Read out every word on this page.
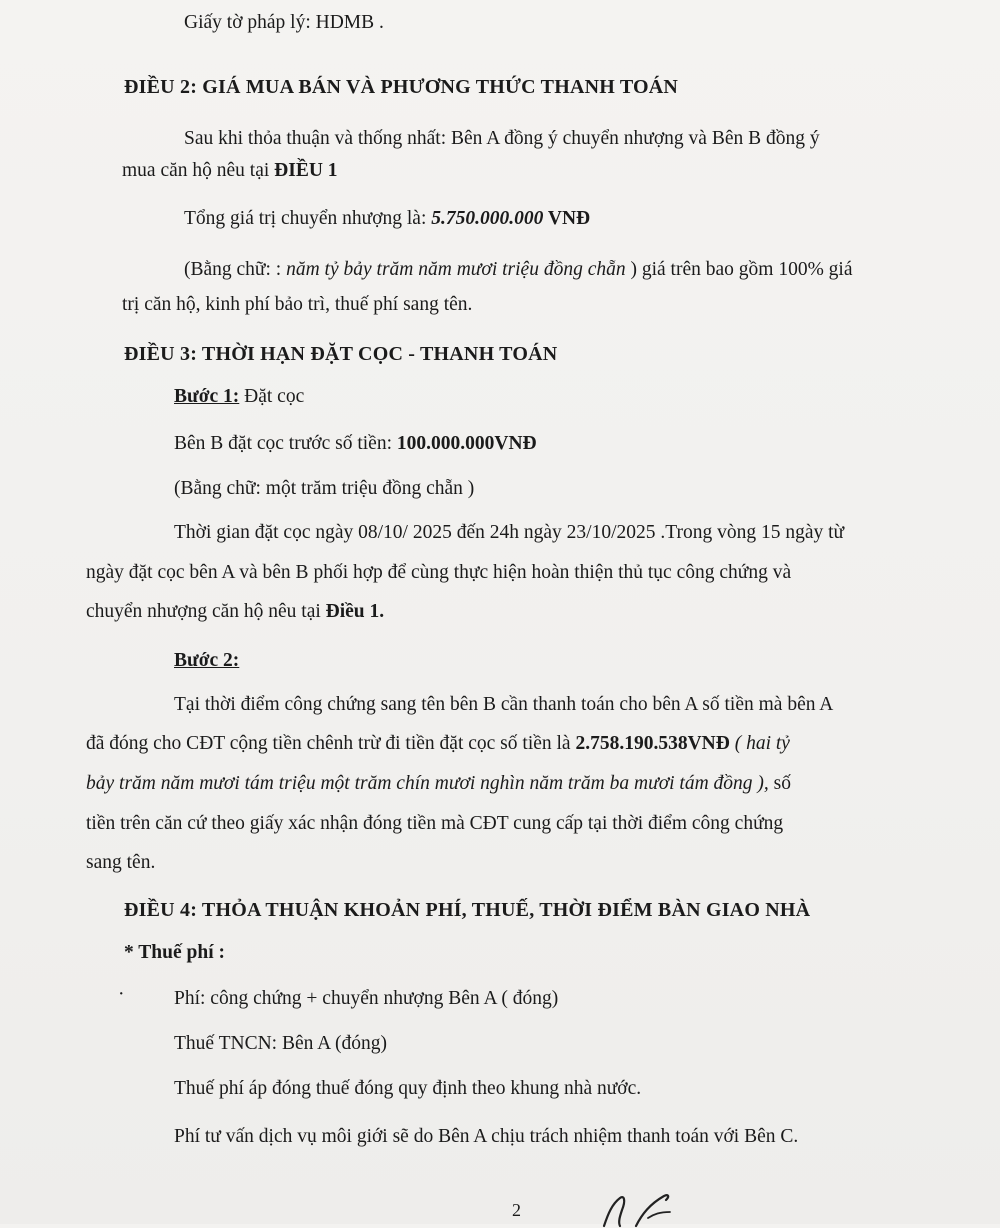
Giấy tờ pháp lý: HDMB .
ĐIỀU 2: GIÁ MUA BÁN VÀ PHƯƠNG THỨC THANH TOÁN
Sau khi thỏa thuận và thống nhất: Bên A đồng ý chuyển nhượng và Bên B đồng ý
mua căn hộ nêu tại ĐIỀU 1
Tổng giá trị chuyển nhượng là: 5.750.000.000 VNĐ
(Bằng chữ: : năm tỷ bảy trăm năm mươi triệu đồng chẵn ) giá trên bao gồm 100% giá
trị căn hộ, kinh phí bảo trì, thuế phí sang tên.
ĐIỀU 3: THỜI HẠN ĐẶT CỌC - THANH TOÁN
Bước 1: Đặt cọc
Bên B đặt cọc trước số tiền: 100.000.000VNĐ
(Bằng chữ: một trăm triệu đồng chẵn )
Thời gian đặt cọc ngày 08/10/ 2025 đến 24h ngày 23/10/2025 .Trong vòng 15 ngày từ
ngày đặt cọc bên A và bên B phối hợp để cùng thực hiện hoàn thiện thủ tục công chứng và
chuyển nhượng căn hộ nêu tại Điều 1.
Bước 2:
Tại thời điểm công chứng sang tên bên B cần thanh toán cho bên A số tiền mà bên A
đã đóng cho CĐT cộng tiền chênh trừ đi tiền đặt cọc số tiền là 2.758.190.538VNĐ ( hai tỷ
bảy trăm năm mươi tám triệu một trăm chín mươi nghìn năm trăm ba mươi tám đồng ), số
tiền trên căn cứ theo giấy xác nhận đóng tiền mà CĐT cung cấp tại thời điểm công chứng
sang tên.
ĐIỀU 4: THỎA THUẬN KHOẢN PHÍ, THUẾ, THỜI ĐIỂM BÀN GIAO NHÀ
* Thuế phí :
·	Phí: công chứng + chuyển nhượng Bên A ( đóng)
Thuế TNCN: Bên A (đóng)
Thuế phí áp đóng thuế đóng quy định theo khung nhà nước.
Phí tư vấn dịch vụ môi giới sẽ do Bên A chịu trách nhiệm thanh toán với Bên C.
2
